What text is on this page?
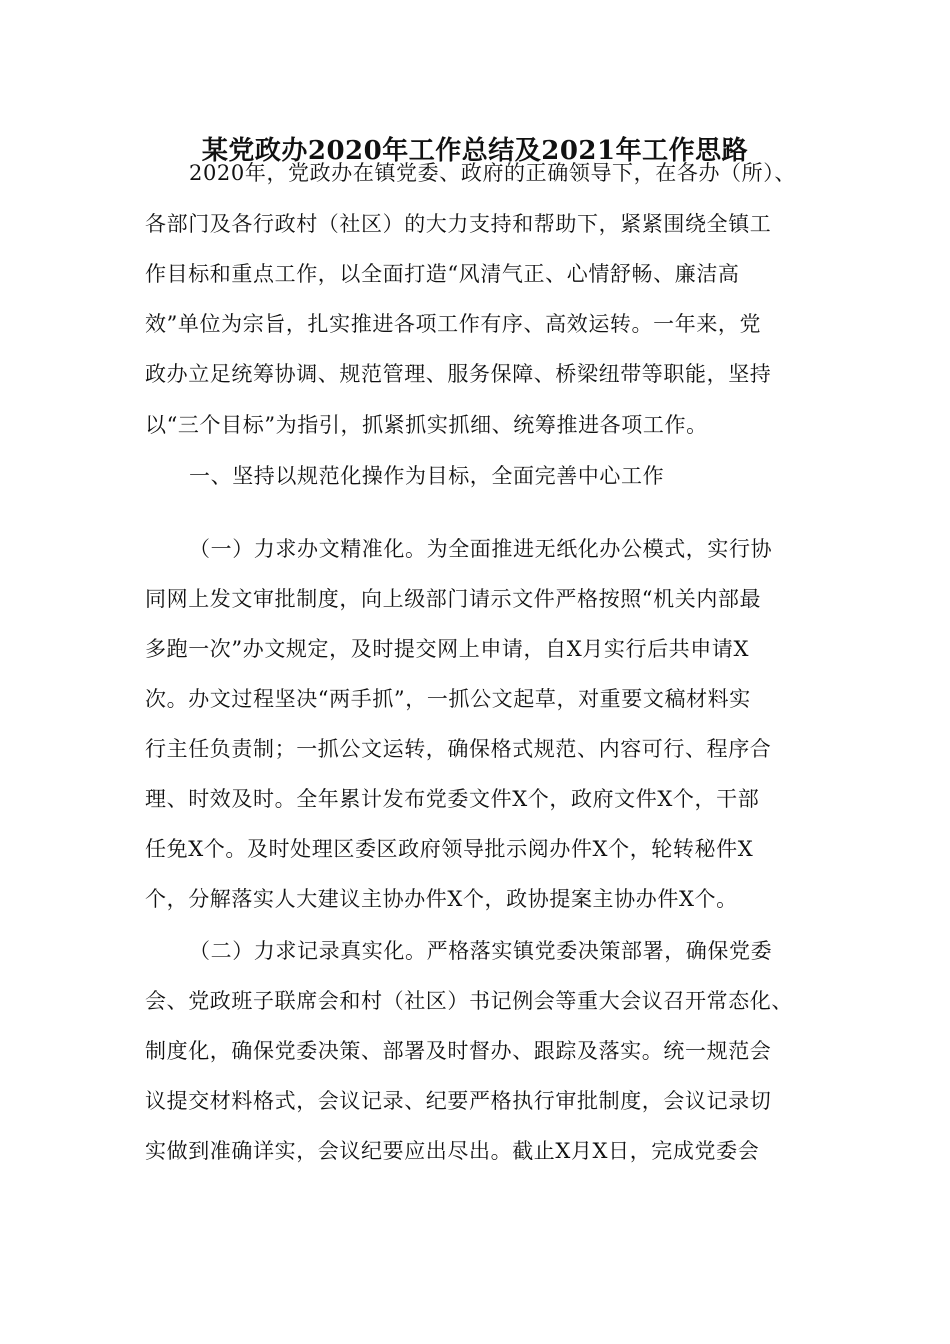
某党政办2020年工作总结及2021年工作思路
2020年，党政办在镇党委、政府的正确领导下，在各办（所）、
各部门及各行政村（社区）的大力支持和帮助下，紧紧围绕全镇工
作目标和重点工作，以全面打造“风清气正、心情舒畅、廉洁高
效”单位为宗旨，扎实推进各项工作有序、高效运转。一年来，党
政办立足统筹协调、规范管理、服务保障、桥梁纽带等职能，坚持
以“三个目标”为指引，抓紧抓实抓细、统筹推进各项工作。
一、坚持以规范化操作为目标，全面完善中心工作
（一）力求办文精准化。为全面推进无纸化办公模式，实行协
同网上发文审批制度，向上级部门请示文件严格按照“机关内部最
多跑一次”办文规定，及时提交网上申请，自X月实行后共申请X
次。办文过程坚决“两手抓”，一抓公文起草，对重要文稿材料实
行主任负责制；一抓公文运转，确保格式规范、内容可行、程序合
理、时效及时。全年累计发布党委文件X个，政府文件X个，干部
任免X个。及时处理区委区政府领导批示阅办件X个，轮转秘件X
个，分解落实人大建议主协办件X个，政协提案主协办件X个。
（二）力求记录真实化。严格落实镇党委决策部署，确保党委
会、党政班子联席会和村（社区）书记例会等重大会议召开常态化、
制度化，确保党委决策、部署及时督办、跟踪及落实。统一规范会
议提交材料格式，会议记录、纪要严格执行审批制度，会议记录切
实做到准确详实，会议纪要应出尽出。截止X月X日，完成党委会
